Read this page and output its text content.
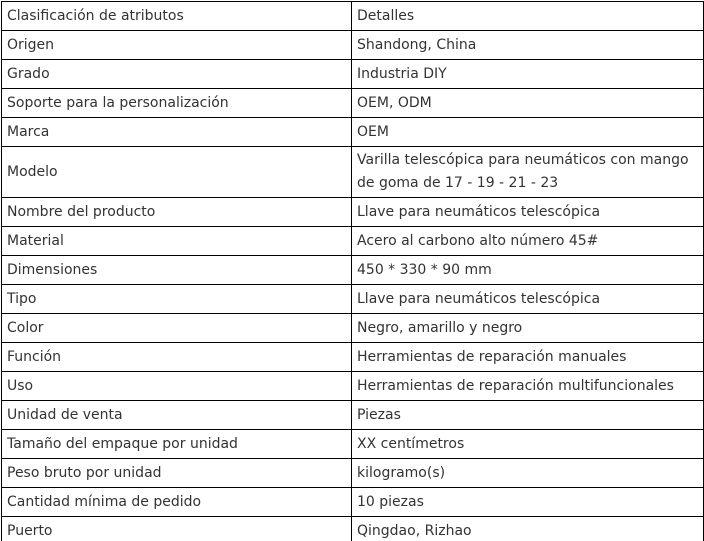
Clasificación de atributos	Detalles
Origen	Shandong, China
Grado	Industria DIY
Soporte para la personalización	OEM, ODM
Marca	OEM
Modelo	Varilla telescópica para neumáticos con mango de goma de 17 - 19 - 21 - 23
Nombre del producto	Llave para neumáticos telescópica
Material	Acero al carbono alto número 45#
Dimensiones	450 * 330 * 90 mm
Tipo	Llave para neumáticos telescópica
Color	Negro, amarillo y negro
Función	Herramientas de reparación manuales
Uso	Herramientas de reparación multifuncionales
Unidad de venta	Piezas
Tamaño del empaque por unidad	XX centímetros
Peso bruto por unidad	kilogramo(s)
Cantidad mínima de pedido	10 piezas
Puerto	Qingdao, Rizhao
